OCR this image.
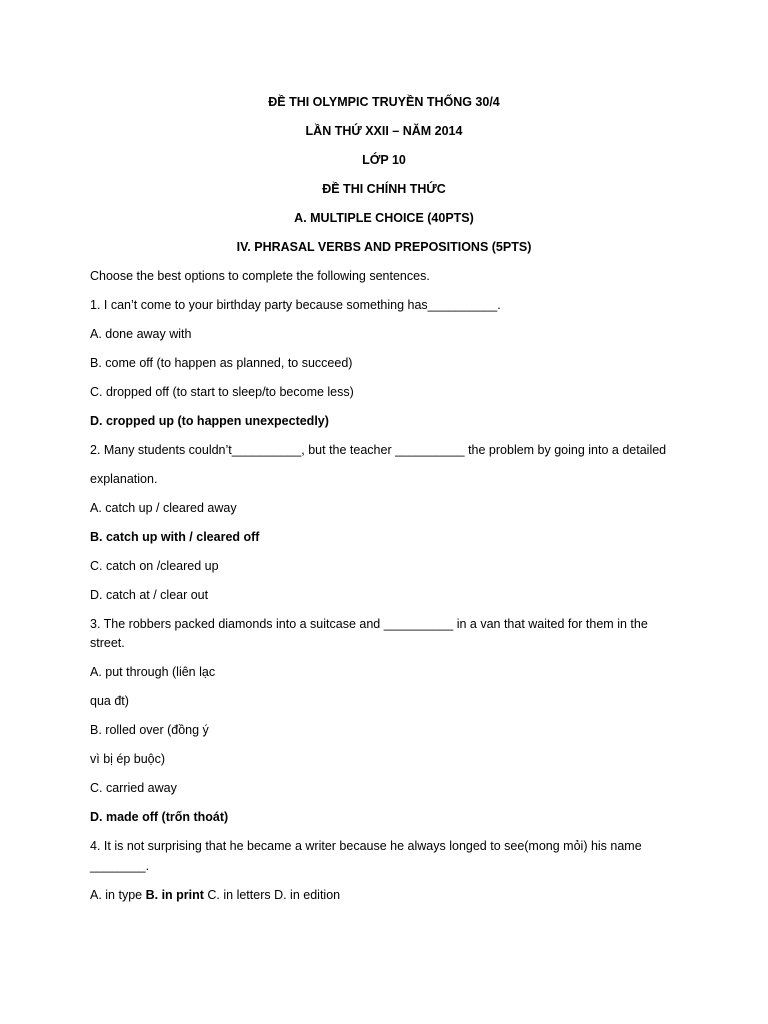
ĐỀ THI OLYMPIC TRUYỀN THỐNG 30/4
LẦN THỨ XXII – NĂM 2014
LỚP 10
ĐỀ THI CHÍNH THỨC
A. MULTIPLE CHOICE (40PTS)
IV. PHRASAL VERBS AND PREPOSITIONS (5PTS)
Choose the best options to complete the following sentences.
1. I can’t come to your birthday party because something has__________.
A. done away with
B. come off (to happen as planned, to succeed)
C. dropped off (to start to sleep/to become less)
D. cropped up (to happen unexpectedly)
2. Many students couldn’t__________, but the teacher __________ the problem by going into a detailed
explanation.
A. catch up / cleared away
B. catch up with / cleared off
C. catch on /cleared up
D. catch at / clear out
3. The robbers packed diamonds into a suitcase and __________ in a van that waited for them in the
street.
A. put through (liên lạc
qua đt)
B. rolled over (đồng ý
vì bị ép buộc)
C. carried away
D. made off (trốn thoát)
4. It is not surprising that he became a writer because he always longed to see(mong mỏi) his name
________.
A. in type B. in print C. in letters D. in edition
